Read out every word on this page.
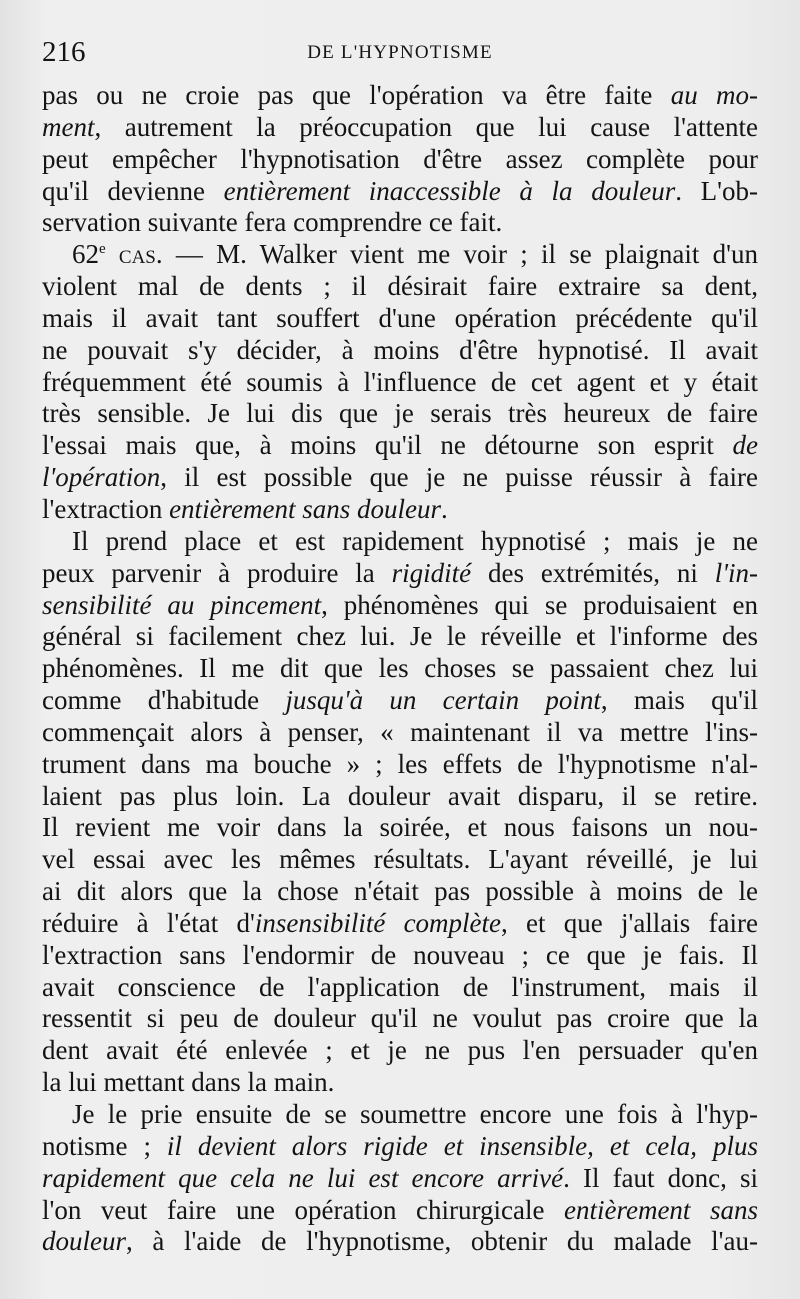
216	DE L'HYPNOTISME
pas ou ne croie pas que l'opération va être faite au mo-
ment, autrement la préoccupation que lui cause l'attente
peut empêcher l'hypnotisation d'être assez complète pour
qu'il devienne entièrement inaccessible à la douleur. L'ob-
servation suivante fera comprendre ce fait.
62e cas. — M. Walker vient me voir ; il se plaignait d'un
violent mal de dents ; il désirait faire extraire sa dent,
mais il avait tant souffert d'une opération précédente qu'il
ne pouvait s'y décider, à moins d'être hypnotisé. Il avait
fréquemment été soumis à l'influence de cet agent et y était
très sensible. Je lui dis que je serais très heureux de faire
l'essai mais que, à moins qu'il ne détourne son esprit de
l'opération, il est possible que je ne puisse réussir à faire
l'extraction entièrement sans douleur.
Il prend place et est rapidement hypnotisé ; mais je ne
peux parvenir à produire la rigidité des extrémités, ni l'in-
sensibilité au pincement, phénomènes qui se produisaient en
général si facilement chez lui. Je le réveille et l'informe des
phénomènes. Il me dit que les choses se passaient chez lui
comme d'habitude jusqu'à un certain point, mais qu'il
commençait alors à penser, « maintenant il va mettre l'ins-
trument dans ma bouche » ; les effets de l'hypnotisme n'al-
laient pas plus loin. La douleur avait disparu, il se retire.
Il revient me voir dans la soirée, et nous faisons un nou-
vel essai avec les mêmes résultats. L'ayant réveillé, je lui
ai dit alors que la chose n'était pas possible à moins de le
réduire à l'état d'insensibilité complète, et que j'allais faire
l'extraction sans l'endormir de nouveau ; ce que je fais. Il
avait conscience de l'application de l'instrument, mais il
ressentit si peu de douleur qu'il ne voulut pas croire que la
dent avait été enlevée ; et je ne pus l'en persuader qu'en
la lui mettant dans la main.
Je le prie ensuite de se soumettre encore une fois à l'hyp-
notisme ; il devient alors rigide et insensible, et cela, plus
rapidement que cela ne lui est encore arrivé. Il faut donc, si
l'on veut faire une opération chirurgicale entièrement sans
douleur, à l'aide de l'hypnotisme, obtenir du malade l'au-
